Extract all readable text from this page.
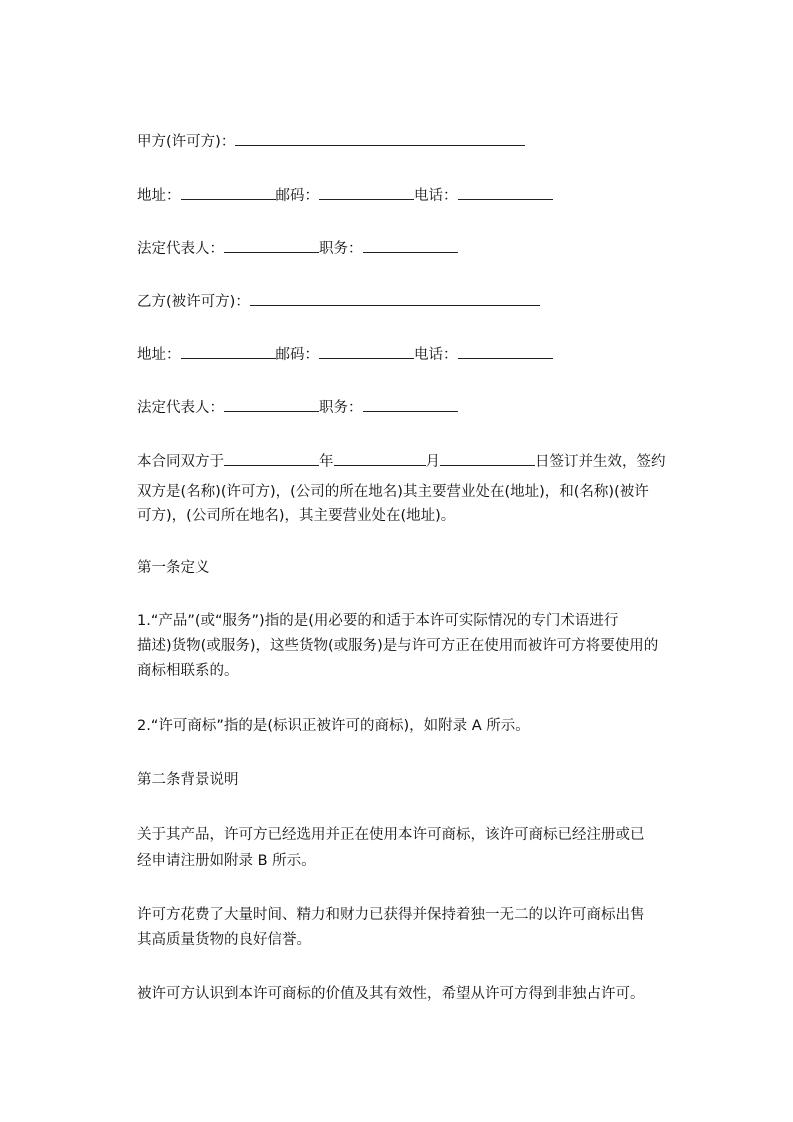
甲方(许可方)：
地址：	邮码：	电话：
法定代表人：	职务：
乙方(被许可方)：
地址：	邮码：	电话：
法定代表人：	职务：
本合同双方于	年	月	日签订并生效，签约
双方是(名称)(许可方)，(公司的所在地名)其主要营业处在(地址)，和(名称)(被许
可方)，(公司所在地名)，其主要营业处在(地址)。
第一条定义
1.“产品”(或“服务”)指的是(用必要的和适于本许可实际情况的专门术语进行
描述)货物(或服务)，这些货物(或服务)是与许可方正在使用而被许可方将要使用的
商标相联系的。
2.“许可商标”指的是(标识正被许可的商标)，如附录 A 所示。
第二条背景说明
关于其产品，许可方已经选用并正在使用本许可商标，该许可商标已经注册或已
经申请注册如附录 B 所示。
许可方花费了大量时间、精力和财力已获得并保持着独一无二的以许可商标出售
其高质量货物的良好信誉。
被许可方认识到本许可商标的价值及其有效性，希望从许可方得到非独占许可。
